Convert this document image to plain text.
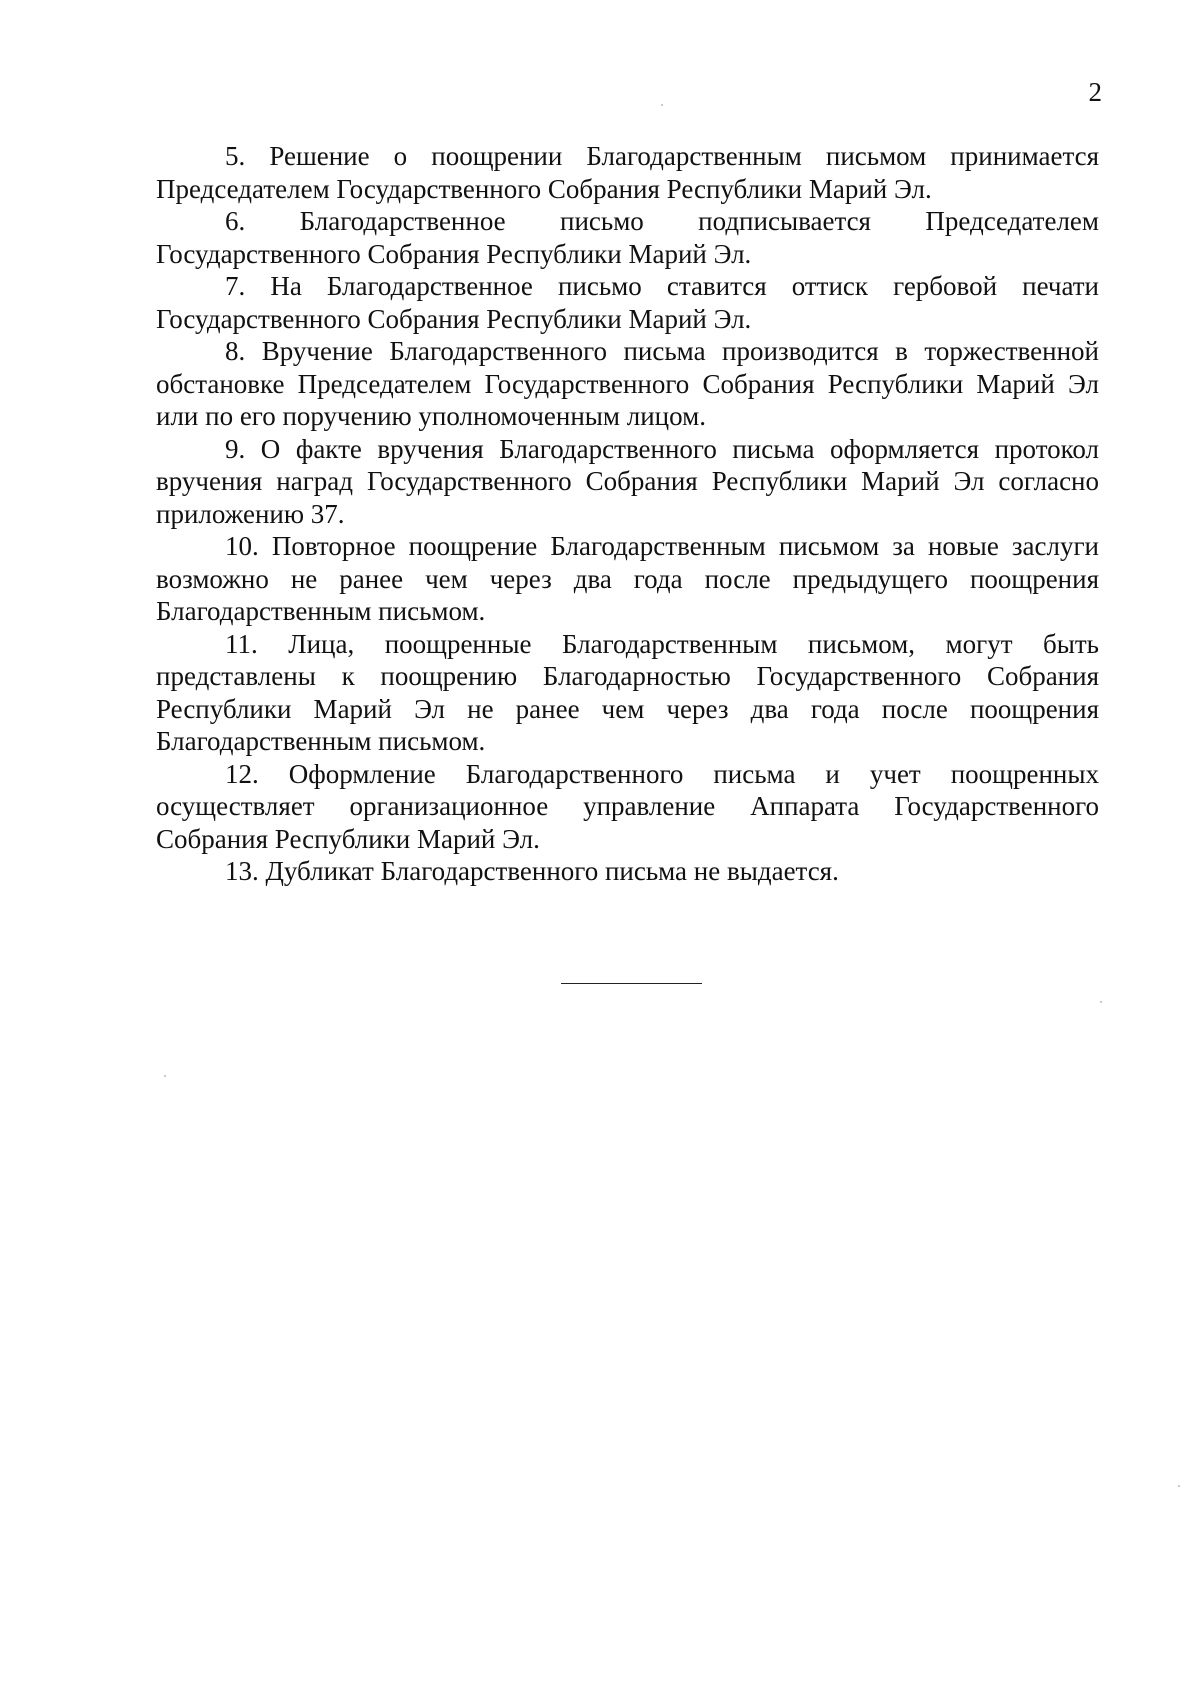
2

5. Решение о поощрении Благодарственным письмом принимается Председателем Государственного Собрания Республики Марий Эл.

6. Благодарственное письмо подписывается Председателем Государственного Собрания Республики Марий Эл.

7. На Благодарственное письмо ставится оттиск гербовой печати Государственного Собрания Республики Марий Эл.

8. Вручение Благодарственного письма производится в торжественной обстановке Председателем Государственного Собрания Республики Марий Эл или по его поручению уполномоченным лицом.

9. О факте вручения Благодарственного письма оформляется протокол вручения наград Государственного Собрания Республики Марий Эл согласно приложению 37.

10. Повторное поощрение Благодарственным письмом за новые заслуги возможно не ранее чем через два года после предыдущего поощрения Благодарственным письмом.

11. Лица, поощренные Благодарственным письмом, могут быть представлены к поощрению Благодарностью Государственного Собрания Республики Марий Эл не ранее чем через два года после поощрения Благодарственным письмом.

12. Оформление Благодарственного письма и учет поощренных осуществляет организационное управление Аппарата Государственного Собрания Республики Марий Эл.

13. Дубликат Благодарственного письма не выдается.
